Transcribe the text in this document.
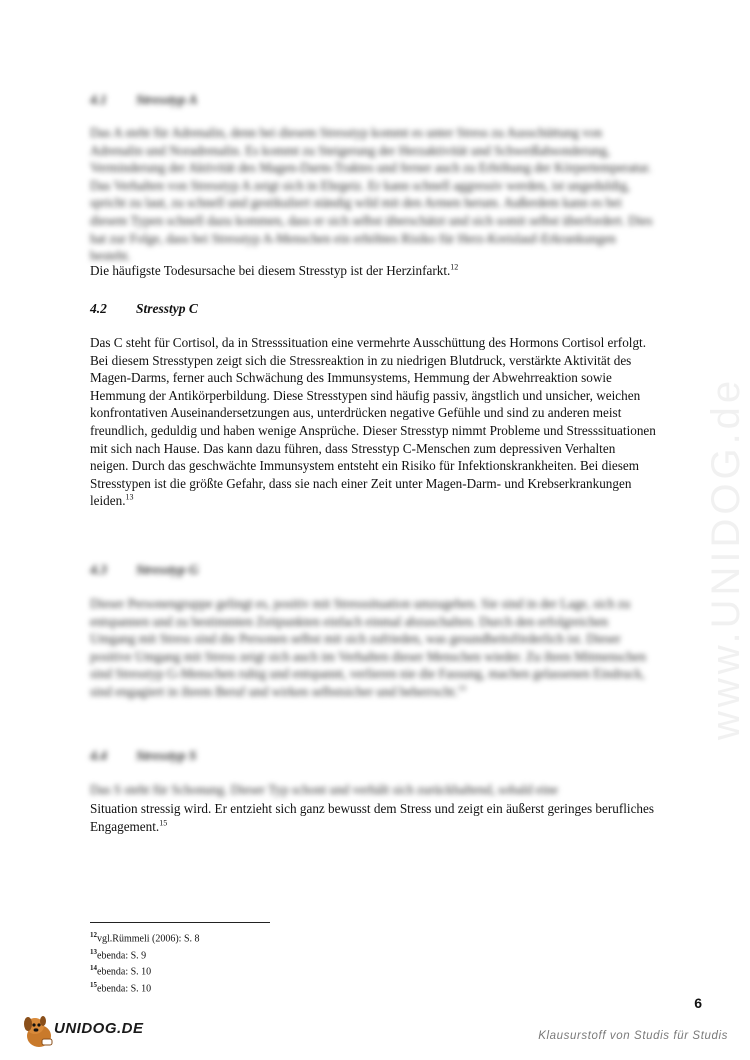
www.UNIDOG.de
4.1 Stresstyp A
Das A steht für Adrenalin, denn bei diesem Stresstyp kommt es unter Stress zu Ausschüttung von Adrenalin und Noradrenalin. Es kommt zu Steigerung der Herzaktivität und Schweißabsonderung, Verminderung der Aktivität des Magen-Darm-Traktes und ferner auch zu Erhöhung der Körpertemperatur. Das Verhalten von Stresstyp A zeigt sich in Ehrgeiz. Er kann schnell aggressiv werden, ist ungeduldig, spricht zu laut, zu schnell und gestikuliert ständig wild mit den Armen herum. Außerdem kann es bei diesem Typen schnell dazu kommen, dass er sich selbst überschätzt und sich somit selbst überfordert. Dies hat zur Folge, dass bei Stresstyp A-Menschen ein erhöhtes Risiko für Herz-Kreislauf-Erkrankungen besteht.
Die häufigste Todesursache bei diesem Stresstyp ist der Herzinfarkt.$^{12}$
4.2 Stresstyp C
Das C steht für Cortisol, da in Stresssituation eine vermehrte Ausschüttung des Hormons Cortisol erfolgt. Bei diesem Stresstypen zeigt sich die Stressreaktion in zu niedrigen Blutdruck, verstärkte Aktivität des Magen-Darms, ferner auch Schwächung des Immunsystems, Hemmung der Abwehrreaktion sowie Hemmung der Antikörperbildung. Diese Stresstypen sind häufig passiv, ängstlich und unsicher, weichen konfrontativen Auseinandersetzungen aus, unterdrücken negative Gefühle und sind zu anderen meist freundlich, geduldig und haben wenige Ansprüche. Dieser Stresstyp nimmt Probleme und Stresssituationen mit sich nach Hause. Das kann dazu führen, dass Stresstyp C-Menschen zum depressiven Verhalten neigen. Durch das geschwächte Immunsystem entsteht ein Risiko für Infektionskrankheiten. Bei diesem Stresstypen ist die größte Gefahr, dass sie nach einer Zeit unter Magen-Darm- und Krebserkrankungen leiden.$^{13}$
4.3 Stresstyp G
Dieser Personengruppe gelingt es, positiv mit Stresssituation umzugehen. Sie sind in der Lage, sich zu entspannen und zu bestimmten Zeitpunkten einfach einmal abzuschalten. Durch den erfolgreichen Umgang mit Stress sind die Personen selbst mit sich zufrieden, was gesundheitsförderlich ist. Dieser positive Umgang mit Stress zeigt sich auch im Verhalten dieser Menschen wieder. Zu ihren Mitmenschen sind Stresstyp G-Menschen ruhig und entspannt, verlieren nie die Fassung, machen gelassenen Eindruck, sind engagiert in ihrem Beruf und wirken selbstsicher und beherrscht.$^{14}$
4.4 Stresstyp S
Das S steht für Schonung. Dieser Typ schont und verhält sich zurückhaltend, sobald eine
Situation stressig wird. Er entzieht sich ganz bewusst dem Stress und zeigt ein äußerst geringes berufliches Engagement.$^{15}$
$^{12}$vgl.Rümmeli (2006): S. 8
$^{13}$ebenda: S. 9
$^{14}$ebenda: S. 10
$^{15}$ebenda: S. 10
6
UNIDOG.DE	Klausurstoff von Studis für Studis
